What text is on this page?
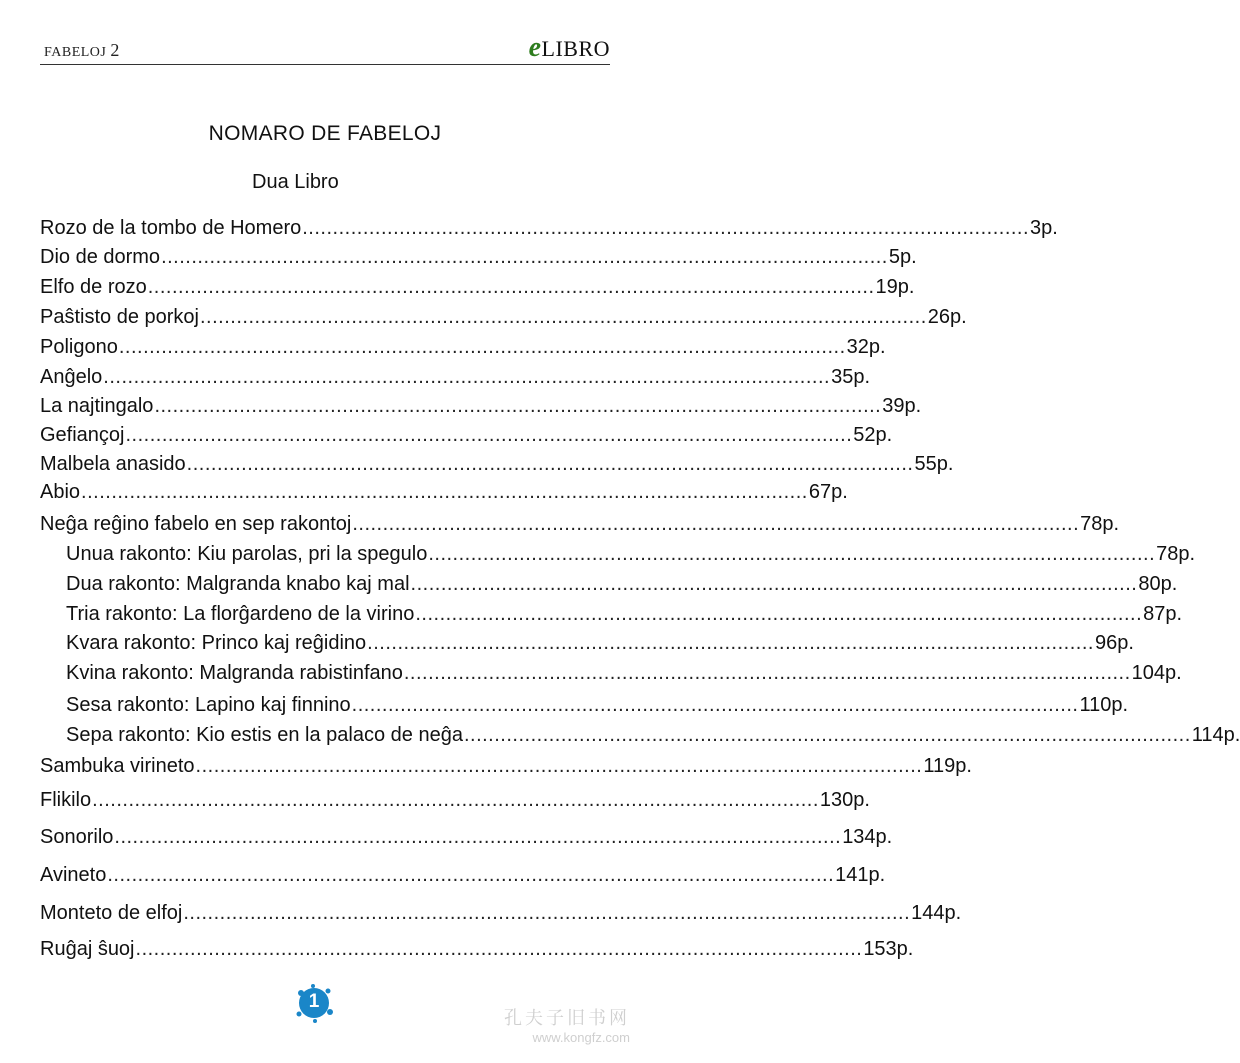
FABELOJ 2	eLIBRO
NOMARO DE FABELOJ
Dua Libro
Rozo de la tombo de Homero ........................................................................................................................ 3p.
Dio de dormo ........................................................................................................................ 5p.
Elfo de rozo ........................................................................................................................ 19p.
Paŝtisto de porkoj ........................................................................................................................ 26p.
Poligono ........................................................................................................................ 32p.
Anĝelo ........................................................................................................................ 35p.
La najtingalo ........................................................................................................................ 39p.
Gefiançoj ........................................................................................................................ 52p.
Malbela anasido ........................................................................................................................ 55p.
Abio ........................................................................................................................ 67p.
Neĝa reĝino fabelo en sep rakontoj ........................................................................................................................ 78p.
Unua rakonto: Kiu parolas, pri la spegulo ........................................................................................................................ 78p.
Dua rakonto: Malgranda knabo kaj mal ........................................................................................................................ 80p.
Tria rakonto: La florĝardeno de la virino ........................................................................................................................ 87p.
Kvara rakonto: Princo kaj reĝidino ........................................................................................................................ 96p.
Kvina rakonto: Malgranda rabistinfano ........................................................................................................................ 104p.
Sesa rakonto: Lapino kaj finnino ........................................................................................................................ 110p.
Sepa rakonto: Kio estis en la palaco de neĝa ........................................................................................................................ 114p.
Sambuka virineto ........................................................................................................................ 119p.
Flikilo ........................................................................................................................ 130p.
Sonorilo ........................................................................................................................ 134p.
Avineto ........................................................................................................................ 141p.
Monteto de elfoj ........................................................................................................................ 144p.
Ruĝaj ŝuoj ........................................................................................................................ 153p.
1
孔夫子旧书网
www.kongfz.com
